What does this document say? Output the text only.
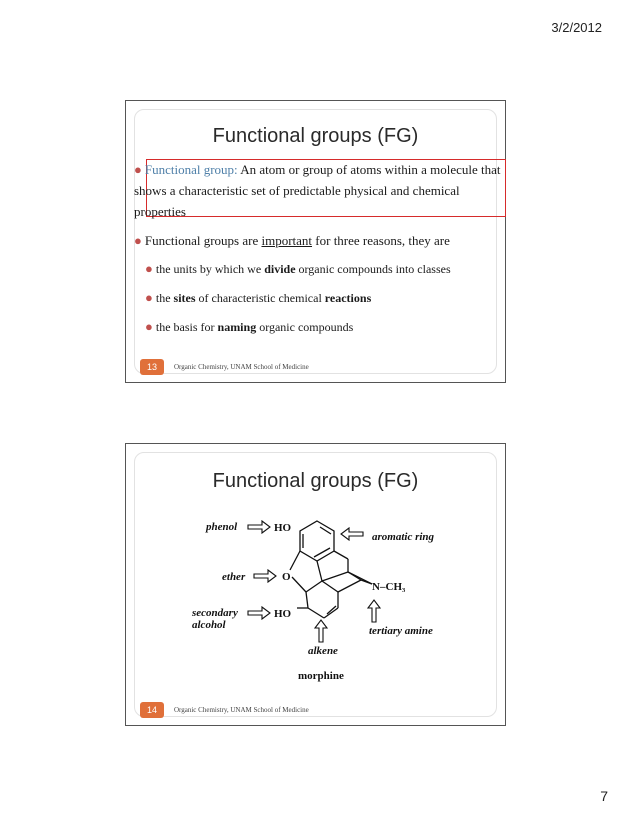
3/2/2012
Functional groups (FG)
● Functional group: An atom or group of atoms within a molecule that shows a characteristic set of predictable physical and chemical properties
● Functional groups are important for three reasons, they are
● the units by which we divide organic compounds into classes
● the sites of characteristic chemical reactions
● the basis for naming organic compounds
13	Organic Chemistry, UNAM School of Medicine
Functional groups (FG)
phenol	HO
aromatic ring
ether	O
N –CH₃
secondary	HO
alcohol	tertiary amine
alkene
morphine
14	Organic Chemistry, UNAM School of Medicine
7
